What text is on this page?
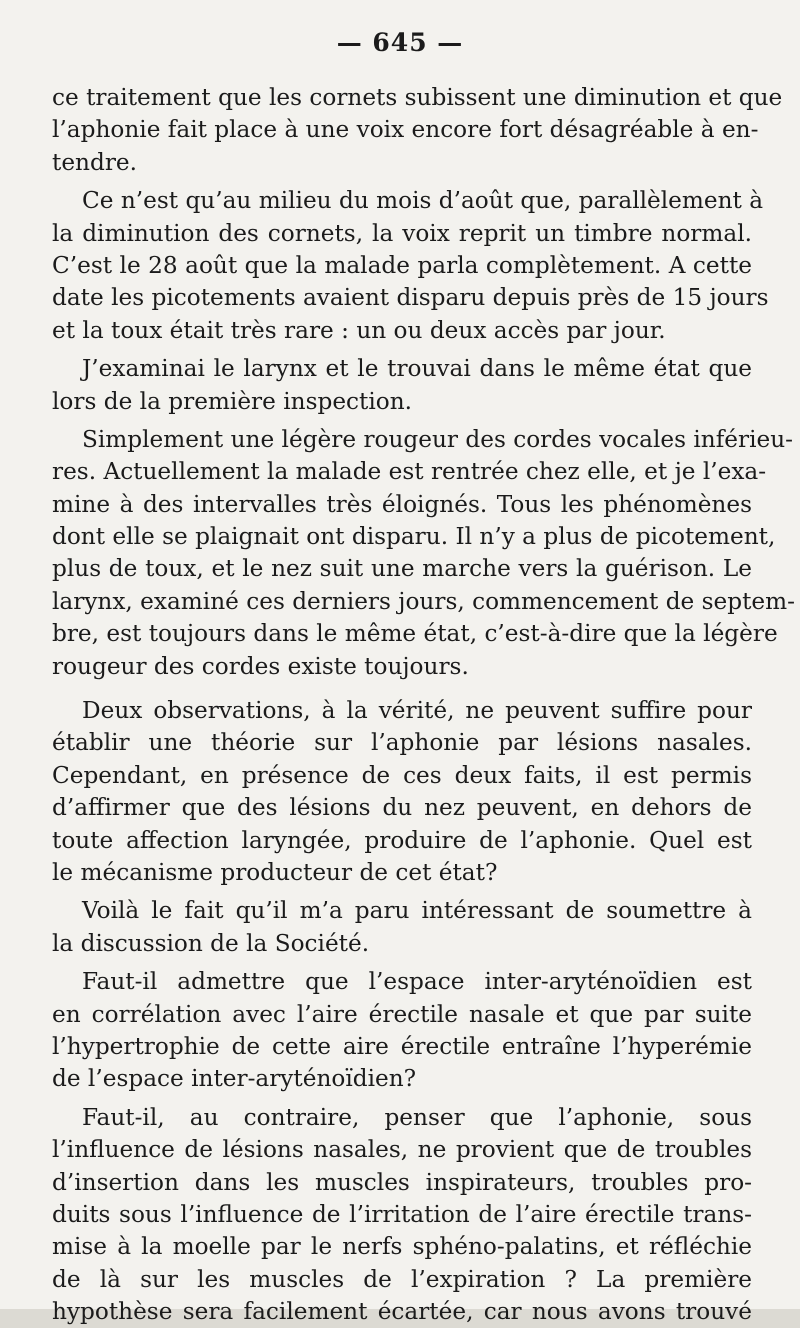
— 645 —
ce traitement que les cornets subissent une diminution et que
l’aphonie fait place à une voix encore fort désagréable à en-
tendre.
Ce n’est qu’au milieu du mois d’août que, parallèlement à
la diminution des cornets, la voix reprit un timbre normal.
C’est le 28 août que la malade parla complètement. A cette
date les picotements avaient disparu depuis près de 15 jours
et la toux était très rare : un ou deux accès par jour.
J’examinai le larynx et le trouvai dans le même état que
lors de la première inspection.
Simplement une légère rougeur des cordes vocales inférieu-
res. Actuellement la malade est rentrée chez elle, et je l’exa-
mine à des intervalles très éloignés. Tous les phénomènes
dont elle se plaignait ont disparu. Il n’y a plus de picotement,
plus de toux, et le nez suit une marche vers la guérison. Le
larynx, examiné ces derniers jours, commencement de septem-
bre, est toujours dans le même état, c’est-à-dire que la légère
rougeur des cordes existe toujours.
Deux observations, à la vérité, ne peuvent suffire pour
établir une théorie sur l’aphonie par lésions nasales.
Cependant, en présence de ces deux faits, il est permis
d’affirmer que des lésions du nez peuvent, en dehors de
toute affection laryngée, produire de l’aphonie. Quel est
le mécanisme producteur de cet état?
Voilà le fait qu’il m’a paru intéressant de soumettre à
la discussion de la Société.
Faut-il admettre que l’espace inter-aryténoïdien est
en corrélation avec l’aire érectile nasale et que par suite
l’hypertrophie de cette aire érectile entraîne l’hyperémie
de l’espace inter-aryténoïdien?
Faut-il, au contraire, penser que l’aphonie, sous
l’influence de lésions nasales, ne provient que de troubles
d’insertion dans les muscles inspirateurs, troubles pro-
duits sous l’influence de l’irritation de l’aire érectile trans-
mise à la moelle par le nerfs sphéno-palatins, et réfléchie
de là sur les muscles de l’expiration ? La première
hypothèse sera facilement écartée, car nous avons trouvé
